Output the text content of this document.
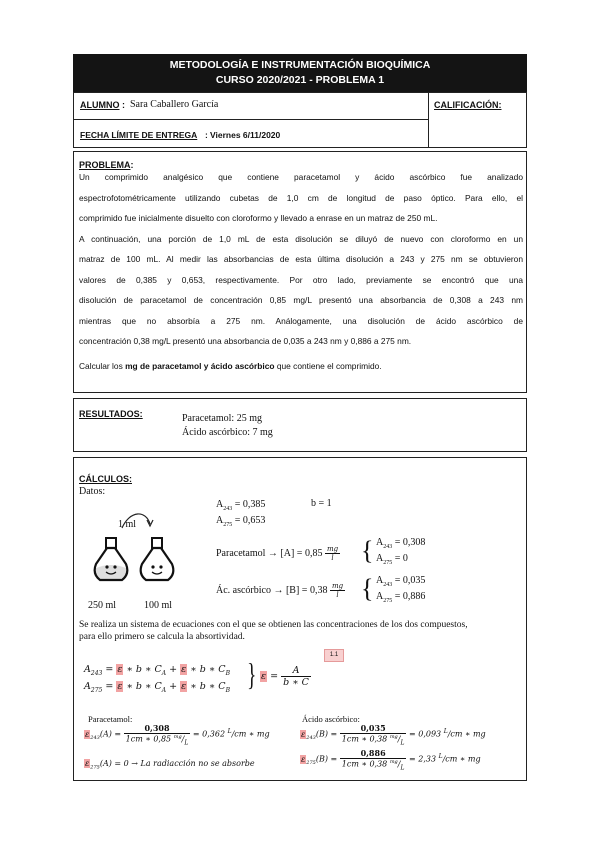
METODOLOGÍA E INSTRUMENTACIÓN BIOQUÍMICA
CURSO 2020/2021 - PROBLEMA 1
ALUMNO : Sara Caballero García	CALIFICACIÓN:
FECHA LÍMITE DE ENTREGA : Viernes 6/11/2020
PROBLEMA:
Un comprimido analgésico que contiene paracetamol y ácido ascórbico fue analizado
espectrofotométricamente utilizando cubetas de 1,0 cm de longitud de paso óptico. Para ello, el
comprimido fue inicialmente disuelto con cloroformo y llevado a enrase en un matraz de 250 mL.
A continuación, una porción de 1,0 mL de esta disolución se diluyó de nuevo con cloroformo en un
matraz de 100 mL. Al medir las absorbancias de esta última disolución a 243 y 275 nm se obtuvieron
valores de 0,385 y 0,653, respectivamente. Por otro lado, previamente se encontró que una
disolución de paracetamol de concentración 0,85 mg/L presentó una absorbancia de 0,308 a 243 nm
mientras que no absorbía a 275 nm. Análogamente, una disolución de ácido ascórbico de
concentración 0,38 mg/L presentó una absorbancia de 0,035 a 243 nm y 0,886 a 275 nm.
Calcular los mg de paracetamol y ácido ascórbico que contiene el comprimido.
RESULTADOS:	Paracetamol: 25 mg
Ácido ascórbico: 7 mg
CÁLCULOS:
Datos:
1 ml
250 ml	100 ml
$A_{243} = 0,385$
$A_{275} = 0,653$
b = 1
Paracetamol → $[A] = 0,85 \frac{mg}{l}$ { $A_{243} = 0,308$
$A_{275} = 0$
Ác. ascórbico → $[B] = 0,38 \frac{mg}{l}$ { $A_{243} = 0,035$
$A_{275} = 0,886$
Se realiza un sistema de ecuaciones con el que se obtienen las concentraciones de los dos compuestos,
para ello primero se calcula la absortividad.
1.1
$A_{243} = \varepsilon$ ∗ b ∗ $C_A + \varepsilon$ ∗ b ∗ $C_B$
$A_{275} = \varepsilon$ ∗ b ∗ $C_A + \varepsilon$ ∗ b ∗ $C_B$ } $\varepsilon = \frac{A}{b ∗ C}$
Paracetamol:
$\varepsilon_{243}(A) = \frac{0,308}{1cm ∗ 0,85 ^{mg}/_L} = 0,362$ $^L$/cm ∗ mg
$\varepsilon_{275}(A) = 0 \to La$ radiacción no se absorbe
Ácido ascórbico:
$\varepsilon_{243}(B) = \frac{0,035}{1cm ∗ 0,38 ^{mg}/_L} = 0,093$ $^L$/cm ∗ mg
$\varepsilon_{275}(B) = \frac{0,886}{1cm ∗ 0,38 ^{mg}/_L} = 2,33$ $^L$/cm ∗ mg
